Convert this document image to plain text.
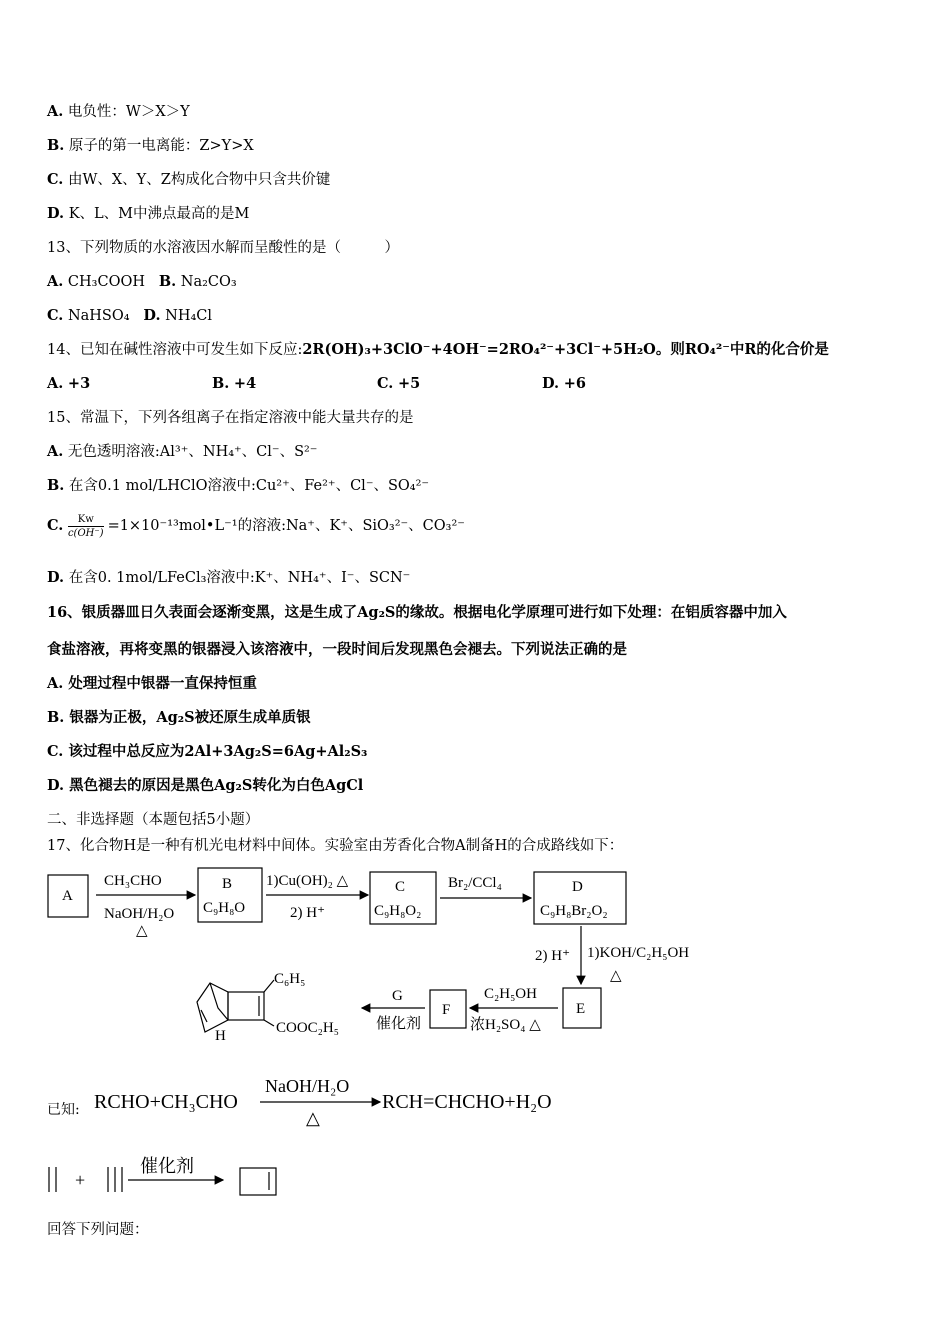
A. 电负性：W＞X＞Y
B. 原子的第一电离能：Z>Y>X
C. 由W、X、Y、Z构成化合物中只含共价键
D. K、L、M中沸点最高的是M
13、下列物质的水溶液因水解而呈酸性的是（　　　）
A. CH₃COOH B. Na₂CO₃
C. NaHSO₄ D. NH₄Cl
14、已知在碱性溶液中可发生如下反应:2R(OH)₃+3ClO⁻+4OH⁻=2RO₄²⁻+3Cl⁻+5H₂O。则RO₄²⁻中R的化合价是
A. +3	B. +4	C. +5	D. +6
15、常温下，下列各组离子在指定溶液中能大量共存的是
A. 无色透明溶液:Al³⁺、NH₄⁺、Cl⁻、S²⁻
B. 在含0.1 mol/LHClO溶液中:Cu²⁺、Fe²⁺、Cl⁻、SO₄²⁻
C. $\frac{Kw}{c(OH^-)}$ =1×10⁻¹³mol•L⁻¹的溶液:Na⁺、K⁺、SiO₃²⁻、CO₃²⁻
D. 在含0. 1mol/LFeCl₃溶液中:K⁺、NH₄⁺、I⁻、SCN⁻
16、银质器皿日久表面会逐渐变黑，这是生成了Ag₂S的缘故。根据电化学原理可进行如下处理：在铝质容器中加入
食盐溶液，再将变黑的银器浸入该溶液中，一段时间后发现黑色会褪去。下列说法正确的是
A. 处理过程中银器一直保持恒重
B. 银器为正极，Ag₂S被还原生成单质银
C. 该过程中总反应为2Al+3Ag₂S=6Ag+Al₂S₃
D. 黑色褪去的原因是黑色Ag₂S转化为白色AgCl
二、非选择题（本题包括5小题）
17、化合物H是一种有机光电材料中间体。实验室由芳香化合物A制备H的合成路线如下：
A
CH₃CHO
NaOH/H₂O
△
B
C₉H₈O
1)Cu(OH)₂ △
2) H⁺
C
C₉H₈O₂
Br₂/CCl₄	D
C₉H₈Br₂O₂
2) H⁺ 1)KOH/C₂H₅OH
△
E
C₂H₅OH
浓H₂SO₄ △
F
G
催化剂
C₆H₅
COOC₂H₅
H
已知: RCHO+CH₃CHO
NaOH/H₂O
△
RCH=CHCHO+H₂O
+
催化剂
回答下列问题：
